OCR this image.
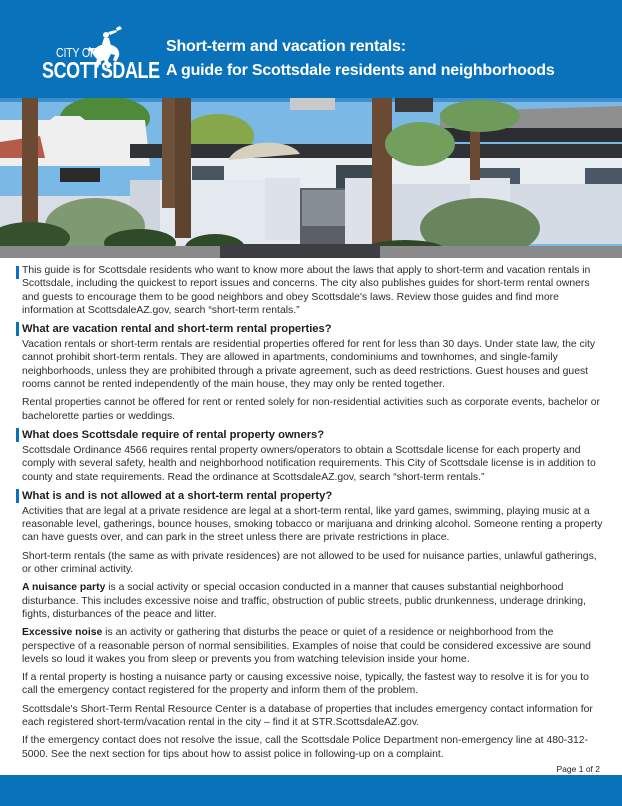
CITY OF
SCOTTSDALE
Short-term and vacation rentals:
A guide for Scottsdale residents and neighborhoods

This guide is for Scottsdale residents who want to know more about the laws that apply to short-term and vacation rentals in Scottsdale, including the quickest to report issues and concerns. The city also publishes guides for short-term rental owners and guests to encourage them to be good neighbors and obey Scottsdale's laws. Review those guides and find more information at ScottsdaleAZ.gov, search “short-term rentals.”

What are vacation rental and short-term rental properties?

Vacation rentals or short-term rentals are residential properties offered for rent for less than 30 days. Under state law, the city cannot prohibit short-term rentals. They are allowed in apartments, condominiums and townhomes, and single-family neighborhoods, unless they are prohibited through a private agreement, such as deed restrictions. Guest houses and guest rooms cannot be rented independently of the main house, they may only be rented together.

Rental properties cannot be offered for rent or rented solely for non-residential activities such as corporate events, bachelor or bachelorette parties or weddings.

What does Scottsdale require of rental property owners?

Scottsdale Ordinance 4566 requires rental property owners/operators to obtain a Scottsdale license for each property and comply with several safety, health and neighborhood notification requirements. This City of Scottsdale license is in addition to county and state requirements. Read the ordinance at ScottsdaleAZ.gov, search “short-term rentals.”

What is and is not allowed at a short-term rental property?

Activities that are legal at a private residence are legal at a short-term rental, like yard games, swimming, playing music at a reasonable level, gatherings, bounce houses, smoking tobacco or marijuana and drinking alcohol. Someone renting a property can have guests over, and can park in the street unless there are private restrictions in place.

Short-term rentals (the same as with private residences) are not allowed to be used for nuisance parties, unlawful gatherings, or other criminal activity.

A nuisance party is a social activity or special occasion conducted in a manner that causes substantial neighborhood disturbance. This includes excessive noise and traffic, obstruction of public streets, public drunkenness, underage drinking, fights, disturbances of the peace and litter.

Excessive noise is an activity or gathering that disturbs the peace or quiet of a residence or neighborhood from the perspective of a reasonable person of normal sensibilities. Examples of noise that could be considered excessive are sound levels so loud it wakes you from sleep or prevents you from watching television inside your home.

If a rental property is hosting a nuisance party or causing excessive noise, typically, the fastest way to resolve it is for you to call the emergency contact registered for the property and inform them of the problem.

Scottsdale's Short-Term Rental Resource Center is a database of properties that includes emergency contact information for each registered short-term/vacation rental in the city – find it at STR.ScottsdaleAZ.gov.

If the emergency contact does not resolve the issue, call the Scottsdale Police Department non-emergency line at 480-312-5000. See the next section for tips about how to assist police in following-up on a complaint.

Page 1 of 2
